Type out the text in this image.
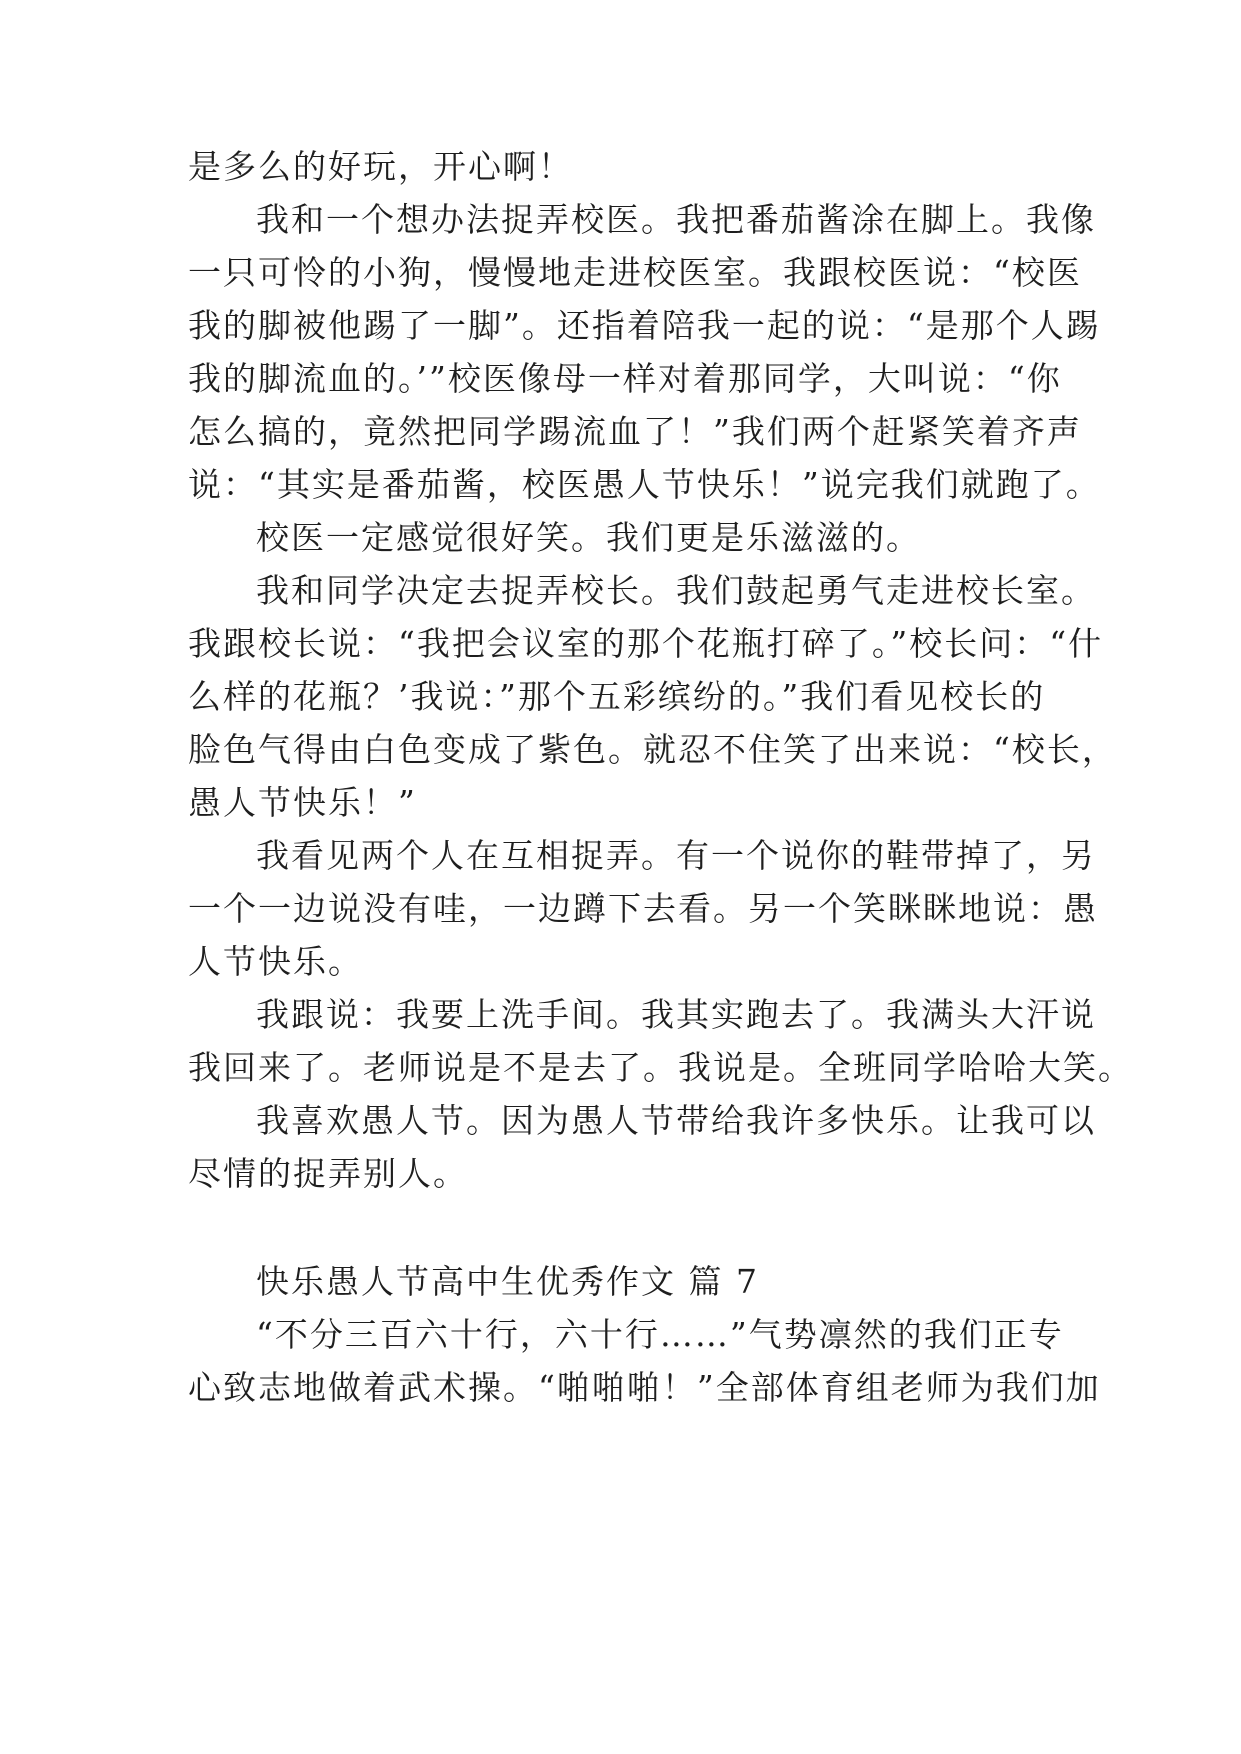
是多么的好玩，开心啊！
我和一个想办法捉弄校医。我把番茄酱涂在脚上。我像
一只可怜的小狗，慢慢地走进校医室。我跟校医说：“校医
我的脚被他踢了一脚”。还指着陪我一起的说：“是那个人踢
我的脚流血的。’”校医像母一样对着那同学，大叫说：“你
怎么搞的，竟然把同学踢流血了！”我们两个赶紧笑着齐声
说：“其实是番茄酱，校医愚人节快乐！”说完我们就跑了。
校医一定感觉很好笑。我们更是乐滋滋的。
我和同学决定去捉弄校长。我们鼓起勇气走进校长室。
我跟校长说：“我把会议室的那个花瓶打碎了。”校长问：“什
么样的花瓶？’我说：”那个五彩缤纷的。”我们看见校长的
脸色气得由白色变成了紫色。就忍不住笑了出来说：“校长，
愚人节快乐！”
我看见两个人在互相捉弄。有一个说你的鞋带掉了，另
一个一边说没有哇，一边蹲下去看。另一个笑眯眯地说：愚
人节快乐。
我跟说：我要上洗手间。我其实跑去了。我满头大汗说
我回来了。老师说是不是去了。我说是。全班同学哈哈大笑。
我喜欢愚人节。因为愚人节带给我许多快乐。让我可以
尽情的捉弄别人。
快乐愚人节高中生优秀作文 篇 7
“不分三百六十行，六十行……”气势凛然的我们正专
心致志地做着武术操。“啪啪啪！”全部体育组老师为我们加
